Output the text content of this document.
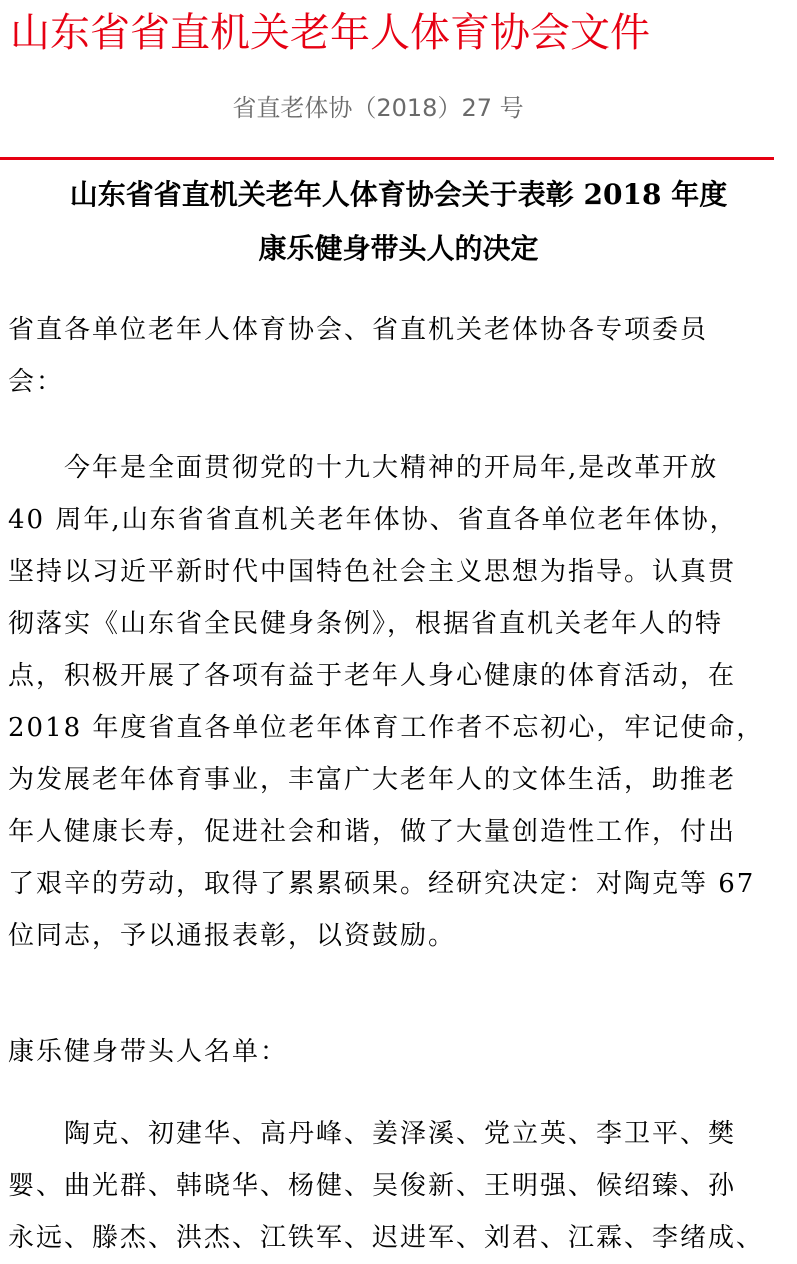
山东省省直机关老年人体育协会文件
省直老体协（2018）27 号
山东省省直机关老年人体育协会关于表彰 2018 年度
康乐健身带头人的决定
省直各单位老年人体育协会、省直机关老体协各专项委员
会：
　　今年是全面贯彻党的十九大精神的开局年,是改革开放
40 周年,山东省省直机关老年体协、省直各单位老年体协，
坚持以习近平新时代中国特色社会主义思想为指导。认真贯
彻落实《山东省全民健身条例》，根据省直机关老年人的特
点，积极开展了各项有益于老年人身心健康的体育活动，在
2018 年度省直各单位老年体育工作者不忘初心，牢记使命，
为发展老年体育事业，丰富广大老年人的文体生活，助推老
年人健康长寿，促进社会和谐，做了大量创造性工作，付出
了艰辛的劳动，取得了累累硕果。经研究决定：对陶克等 67
位同志，予以通报表彰，以资鼓励。
康乐健身带头人名单：
　　陶克、初建华、高丹峰、姜泽溪、党立英、李卫平、樊
婴、曲光群、韩晓华、杨健、吴俊新、王明强、候绍臻、孙
永远、滕杰、洪杰、江铁军、迟进军、刘君、江霖、李绪成、
